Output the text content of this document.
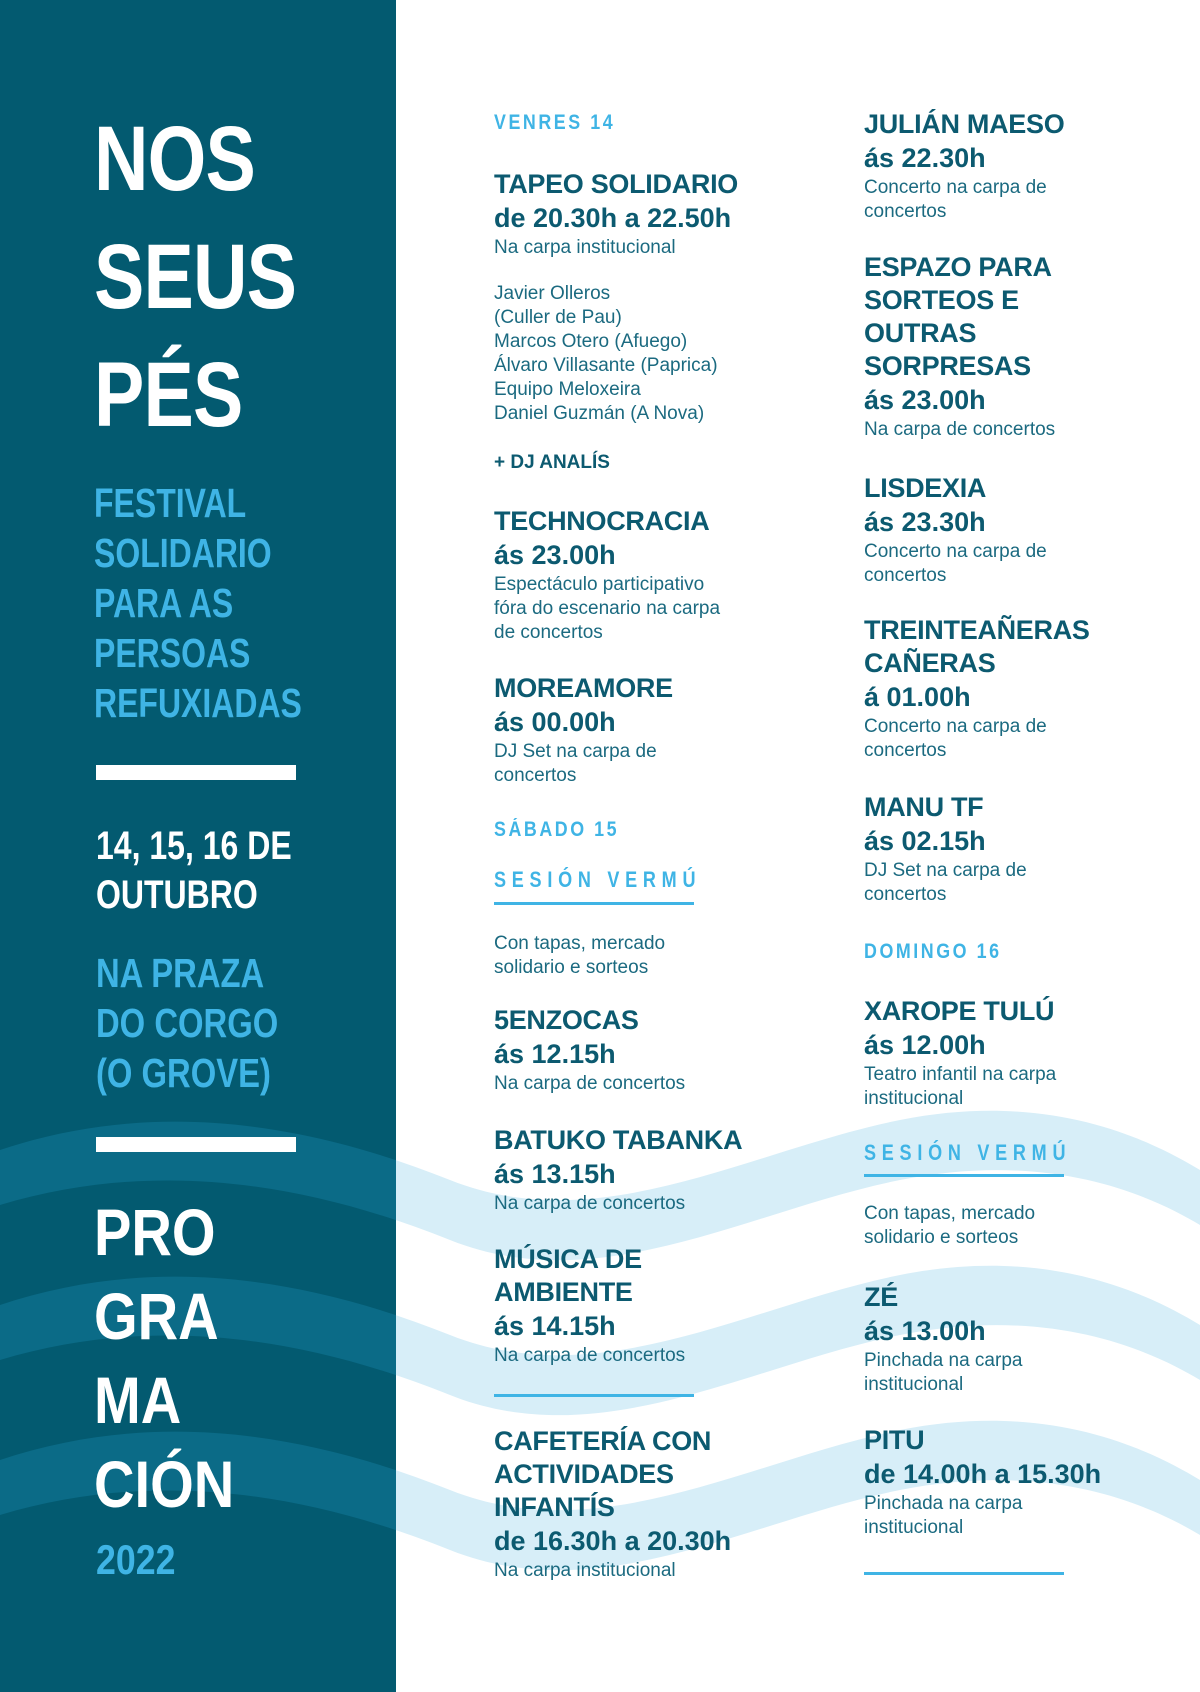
NOS
SEUS
PÉS
FESTIVAL
SOLIDARIO
PARA AS
PERSOAS
REFUXIADAS
14, 15, 16 DE
OUTUBRO
NA PRAZA
DO CORGO
(O GROVE)
PRO
GRA
MA
CIÓN
2022
VENRES 14
TAPEO SOLIDARIO
de 20.30h a 22.50h
Na carpa institucional
Javier Olleros
(Culler de Pau)
Marcos Otero (Afuego)
Álvaro Villasante (Paprica)
Equipo Meloxeira
Daniel Guzmán (A Nova)
+ DJ ANALÍS
TECHNOCRACIA
ás 23.00h
Espectáculo participativo
fóra do escenario na carpa
de concertos
MOREAMORE
ás 00.00h
DJ Set na carpa de
concertos
SÁBADO 15
SESIÓN VERMÚ
Con tapas, mercado
solidario e sorteos
5ENZOCAS
ás 12.15h
Na carpa de concertos
BATUKO TABANKA
ás 13.15h
Na carpa de concertos
MÚSICA DE
AMBIENTE
ás 14.15h
Na carpa de concertos
CAFETERÍA CON
ACTIVIDADES
INFANTÍS
de 16.30h a 20.30h
Na carpa institucional
JULIÁN MAESO
ás 22.30h
Concerto na carpa de
concertos
ESPAZO PARA
SORTEOS E
OUTRAS
SORPRESAS
ás 23.00h
Na carpa de concertos
LISDEXIA
ás 23.30h
Concerto na carpa de
concertos
TREINTEAÑERAS
CAÑERAS
á 01.00h
Concerto na carpa de
concertos
MANU TF
ás 02.15h
DJ Set na carpa de
concertos
DOMINGO 16
XAROPE TULÚ
ás 12.00h
Teatro infantil na carpa
institucional
SESIÓN VERMÚ
Con tapas, mercado
solidario e sorteos
ZÉ
ás 13.00h
Pinchada na carpa
institucional
PITU
de 14.00h a 15.30h
Pinchada na carpa
institucional
